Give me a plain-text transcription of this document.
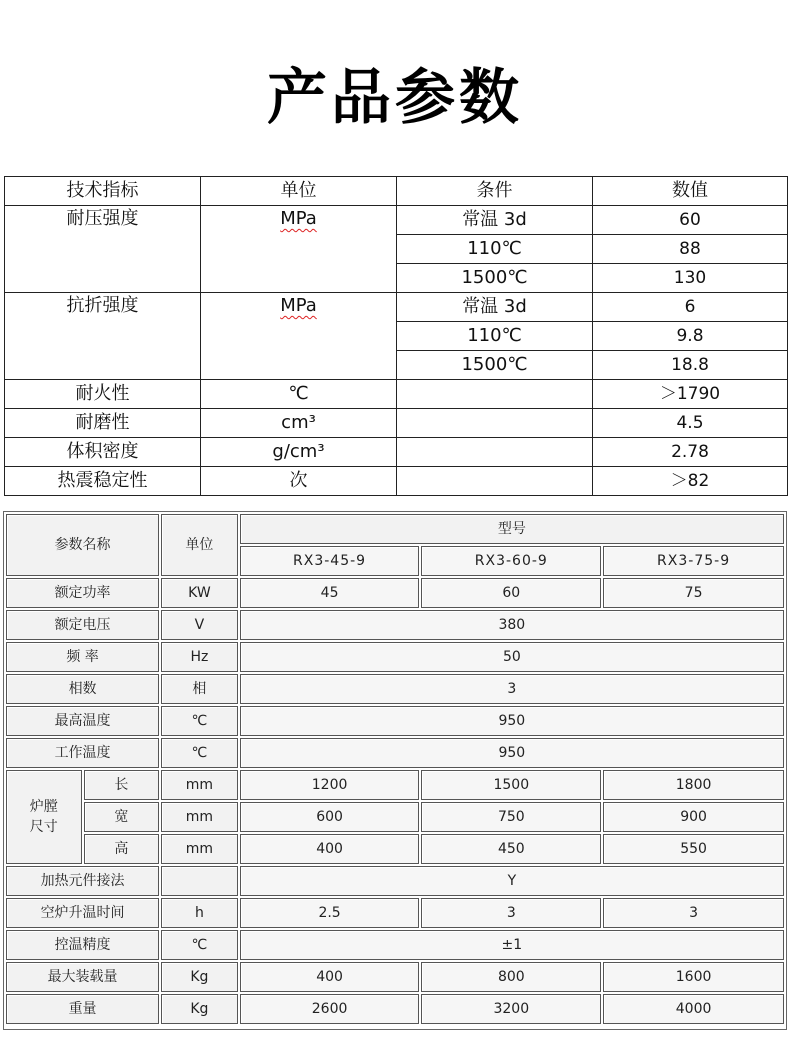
产品参数
技术指标	单位	条件	数值
耐压强度	MPa	常温 3d	60
		110℃	88
		1500℃	130
抗折强度	MPa	常温 3d	6
		110℃	9.8
		1500℃	18.8
耐火性	℃		＞1790
耐磨性	cm³		4.5
体积密度	g/cm³		2.78
热震稳定性	次		＞82
参数名称		单位	型号		
			RX3-45-9	RX3-60-9	RX3-75-9
额定功率		KW	45	60	75
额定电压		V	380		
频 率		Hz	50		
相数		相	3		
最高温度		℃	950		
工作温度		℃	950		
炉膛
尺寸	长	mm	1200	1500	1800
	宽	mm	600	750	900
	高	mm	400	450	550
加热元件接法			Y		
空炉升温时间		h	2.5	3	3
控温精度		℃	±1		
最大装载量		Kg	400	800	1600
重量		Kg	2600	3200	4000
